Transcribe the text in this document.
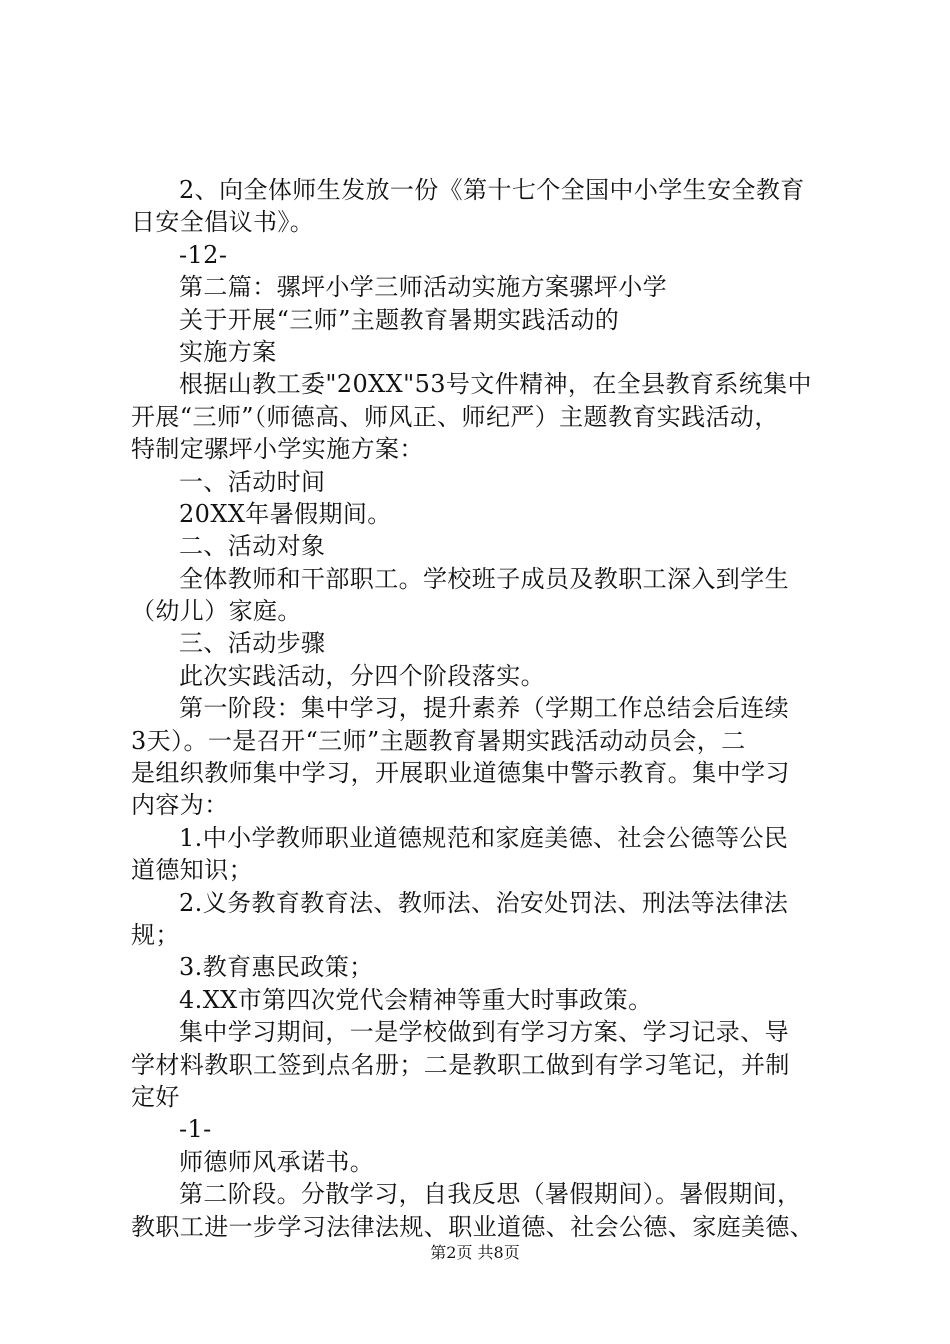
2、向全体师生发放一份《第十七个全国中小学生安全教育
日安全倡议书》。
-12-
第二篇：骡坪小学三师活动实施方案骡坪小学
关于开展“三师”主题教育暑期实践活动的
实施方案
根据山教工委"20XX"53号文件精神，在全县教育系统集中
开展“三师”（师德高、师风正、师纪严）主题教育实践活动，
特制定骡坪小学实施方案：
一、活动时间
20XX年暑假期间。
二、活动对象
全体教师和干部职工。学校班子成员及教职工深入到学生
（幼儿）家庭。
三、活动步骤
此次实践活动，分四个阶段落实。
第一阶段：集中学习，提升素养（学期工作总结会后连续
3天）。一是召开“三师”主题教育暑期实践活动动员会，二
是组织教师集中学习，开展职业道德集中警示教育。集中学习
内容为：
1.中小学教师职业道德规范和家庭美德、社会公德等公民
道德知识；
2.义务教育教育法、教师法、治安处罚法、刑法等法律法
规；
3.教育惠民政策；
4.XX市第四次党代会精神等重大时事政策。
集中学习期间，一是学校做到有学习方案、学习记录、导
学材料教职工签到点名册；二是教职工做到有学习笔记，并制
定好
-1-
师德师风承诺书。
第二阶段。分散学习，自我反思（暑假期间）。暑假期间，
教职工进一步学习法律法规、职业道德、社会公德、家庭美德、
第2页 共8页
